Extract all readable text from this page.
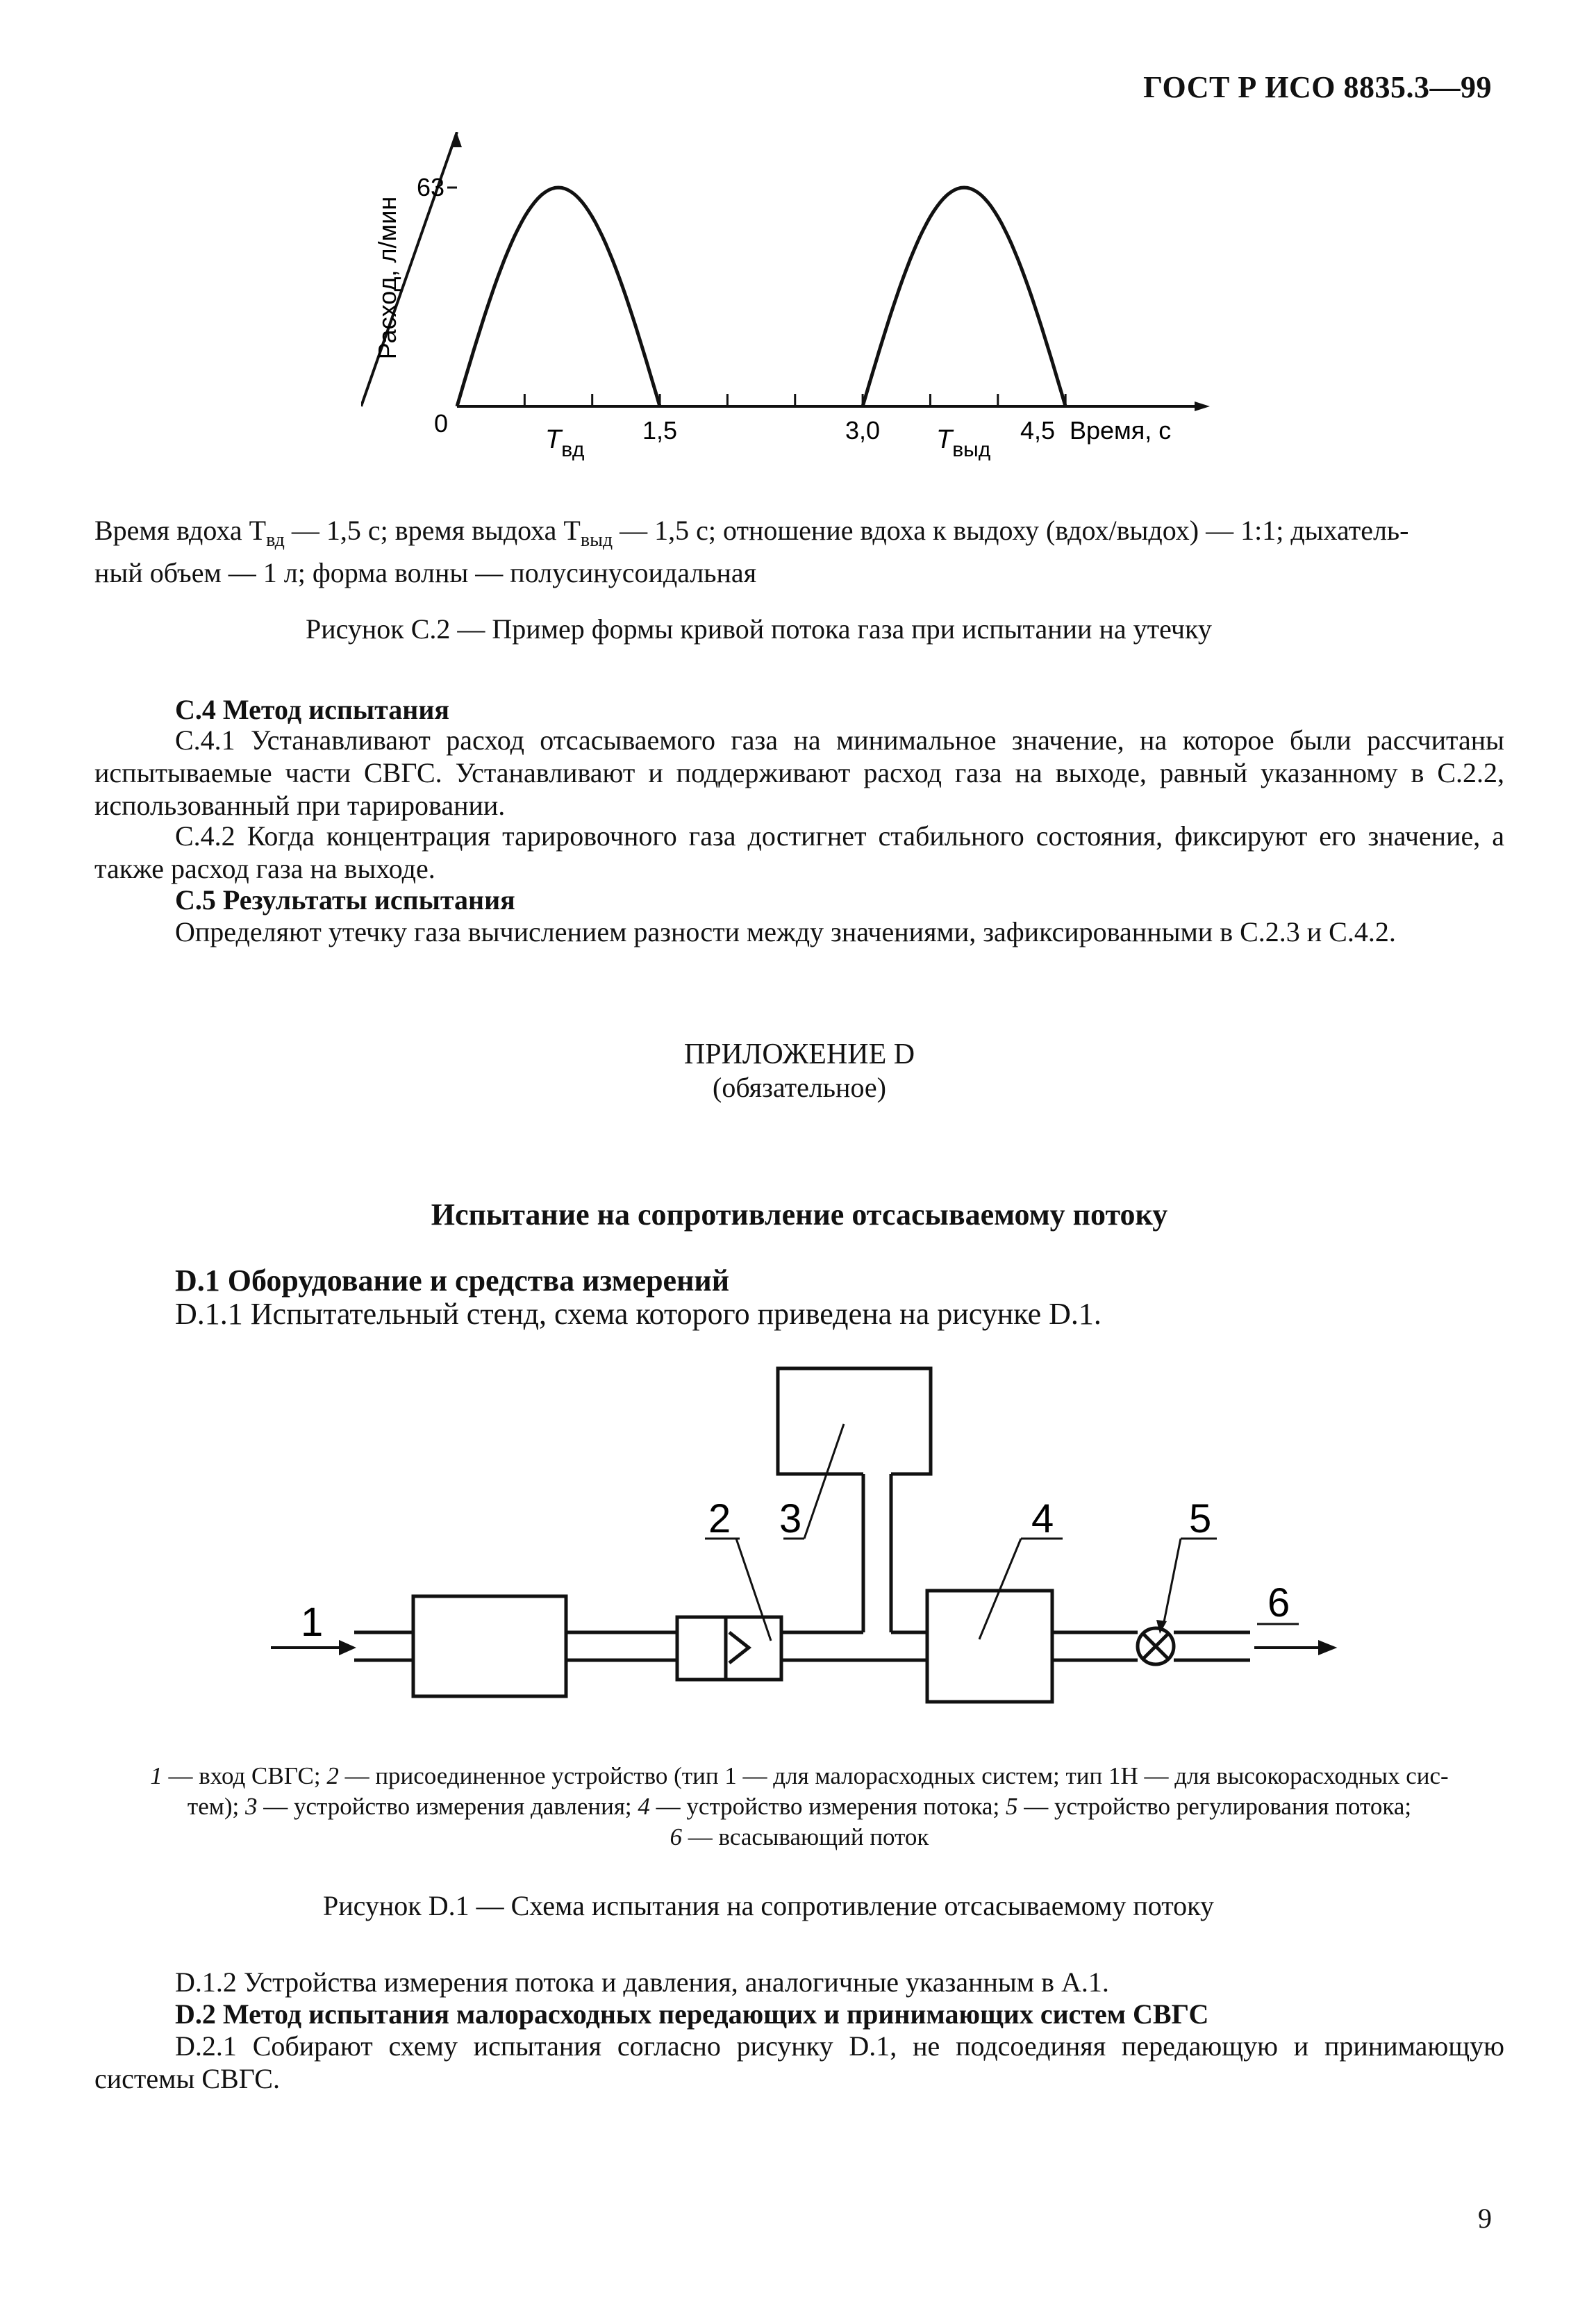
ГОСТ Р ИСО 8835.3—99
63
0
Расход, л/мин
Время, с
$T_{вд}$	$T_{выд}$
1,5	3,0	4,5
Время вдоха $Т_{вд}$ — 1,5 с; время выдоха $Т_{выд}$ — 1,5 с; отношение вдоха к выдоху (вдох/выдох) — 1:1; дыхатель-
ный объем — 1 л; форма волны — полусинусоидальная
Рисунок С.2 — Пример формы кривой потока газа при испытании на утечку
С.4 Метод испытания
С.4.1 Устанавливают расход отсасываемого газа на минимальное значение, на которое были рассчитаны испытываемые части СВГС. Устанавливают и поддерживают расход газа на выходе, равный указанному в С.2.2, использованный при тарировании.
С.4.2 Когда концентрация тарировочного газа достигнет стабильного состояния, фиксируют его значение, а также расход газа на выходе.
С.5 Результаты испытания
Определяют утечку газа вычислением разности между значениями, зафиксированными в С.2.3 и С.4.2.
ПРИЛОЖЕНИЕ D
(обязательное)
Испытание на сопротивление отсасываемому потоку
D.1 Оборудование и средства измерений
D.1.1 Испытательный стенд, схема которого приведена на рисунке D.1.
1
2 3	4	5
6
1 — вход СВГС; 2 — присоединенное устройство (тип 1 — для малорасходных систем; тип 1Н — для высокорасходных сис-
тем); 3 — устройство измерения давления; 4 — устройство измерения потока; 5 — устройство регулирования потока;
6 — всасывающий поток
Рисунок D.1 — Схема испытания на сопротивление отсасываемому потоку
D.1.2 Устройства измерения потока и давления, аналогичные указанным в А.1.
D.2 Метод испытания малорасходных передающих и принимающих систем СВГС
D.2.1 Собирают схему испытания согласно рисунку D.1, не подсоединяя передающую и принимающую системы СВГС.
9
